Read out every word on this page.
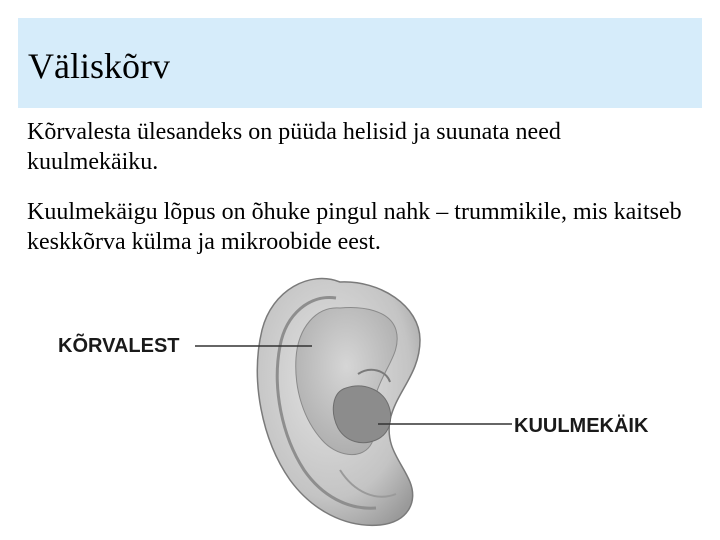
Väliskõrv
Kõrvalesta ülesandeks on püüda helisid ja suunata need kuulmekäiku.
Kuulmekäigu lõpus on õhuke pingul nahk – trummikile, mis kaitseb keskkõrva külma ja mikroobide eest.
KÕRVALEST
KUULMEKÄIK
